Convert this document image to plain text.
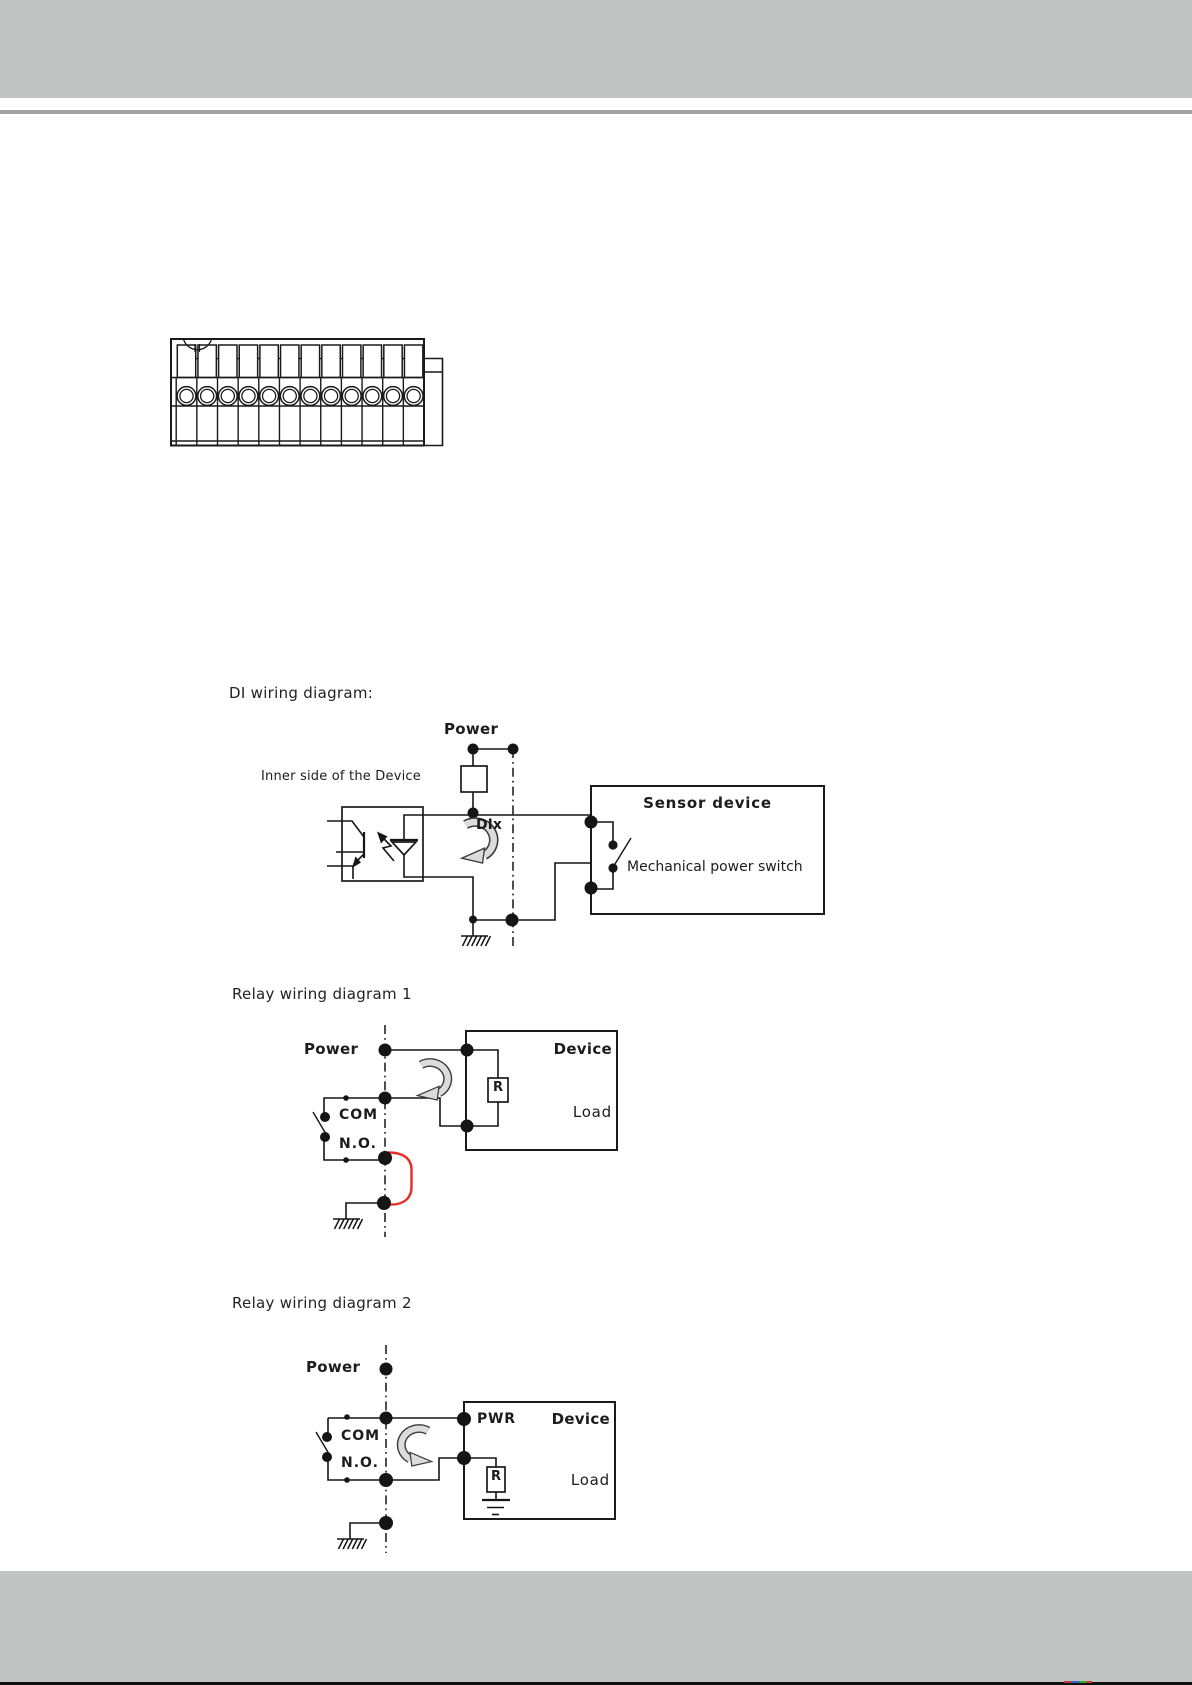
DI wiring diagram:
Power
Inner side of the Device
DIx
Sensor device
Mechanical power switch
Relay wiring diagram 1
Power
COM
N.O.
Device
Load
R
Relay wiring diagram 2
Power
COM
N.O.
PWR	Device
Load
R
